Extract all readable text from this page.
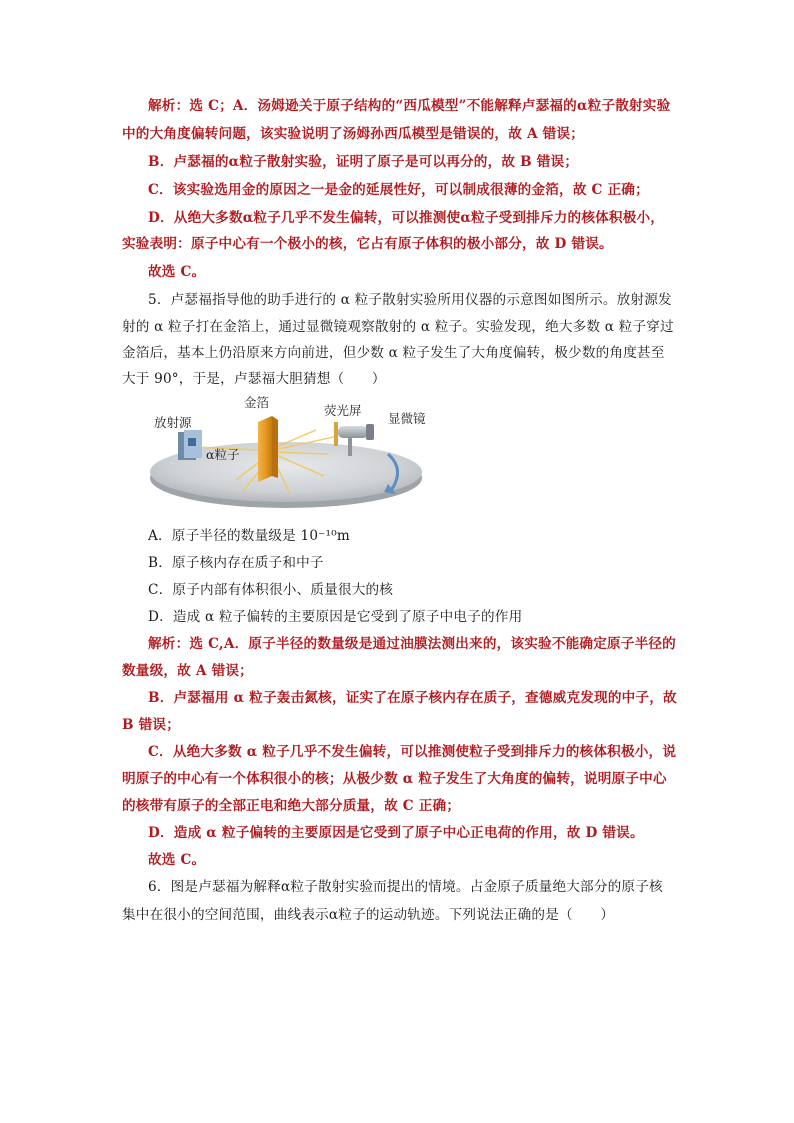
解析：选 C；A．汤姆逊关于原子结构的“西瓜模型”不能解释卢瑟福的α粒子散射实验
中的大角度偏转问题，该实验说明了汤姆孙西瓜模型是错误的，故 A 错误；
B．卢瑟福的α粒子散射实验，证明了原子是可以再分的，故 B 错误；
C．该实验选用金的原因之一是金的延展性好，可以制成很薄的金箔，故 C 正确；
D．从绝大多数α粒子几乎不发生偏转，可以推测使α粒子受到排斥力的核体积极小，
实验表明：原子中心有一个极小的核，它占有原子体积的极小部分，故 D 错误。
故选 C。
5．卢瑟福指导他的助手进行的 α 粒子散射实验所用仪器的示意图如图所示。放射源发
射的 α 粒子打在金箔上，通过显微镜观察散射的 α 粒子。实验发现，绝大多数 α 粒子穿过
金箔后，基本上仍沿原来方向前进，但少数 α 粒子发生了大角度偏转，极少数的角度甚至
大于 90°，于是，卢瑟福大胆猜想（　　）
放射源
金箔
荧光屏
显微镜
α粒子
A．原子半径的数量级是 10⁻¹⁰m
B．原子核内存在质子和中子
C．原子内部有体积很小、质量很大的核
D．造成 α 粒子偏转的主要原因是它受到了原子中电子的作用
解析：选 C,A．原子半径的数量级是通过油膜法测出来的，该实验不能确定原子半径的
数量级，故 A 错误；
B．卢瑟福用 α 粒子轰击氮核，证实了在原子核内存在质子，查德威克发现的中子，故
B 错误；
C．从绝大多数 α 粒子几乎不发生偏转，可以推测使粒子受到排斥力的核体积极小，说
明原子的中心有一个体积很小的核；从极少数 α 粒子发生了大角度的偏转，说明原子中心
的核带有原子的全部正电和绝大部分质量，故 C 正确；
D．造成 α 粒子偏转的主要原因是它受到了原子中心正电荷的作用，故 D 错误。
故选 C。
6．图是卢瑟福为解释α粒子散射实验而提出的情境。占金原子质量绝大部分的原子核
集中在很小的空间范围，曲线表示α粒子的运动轨迹。下列说法正确的是（　　）
